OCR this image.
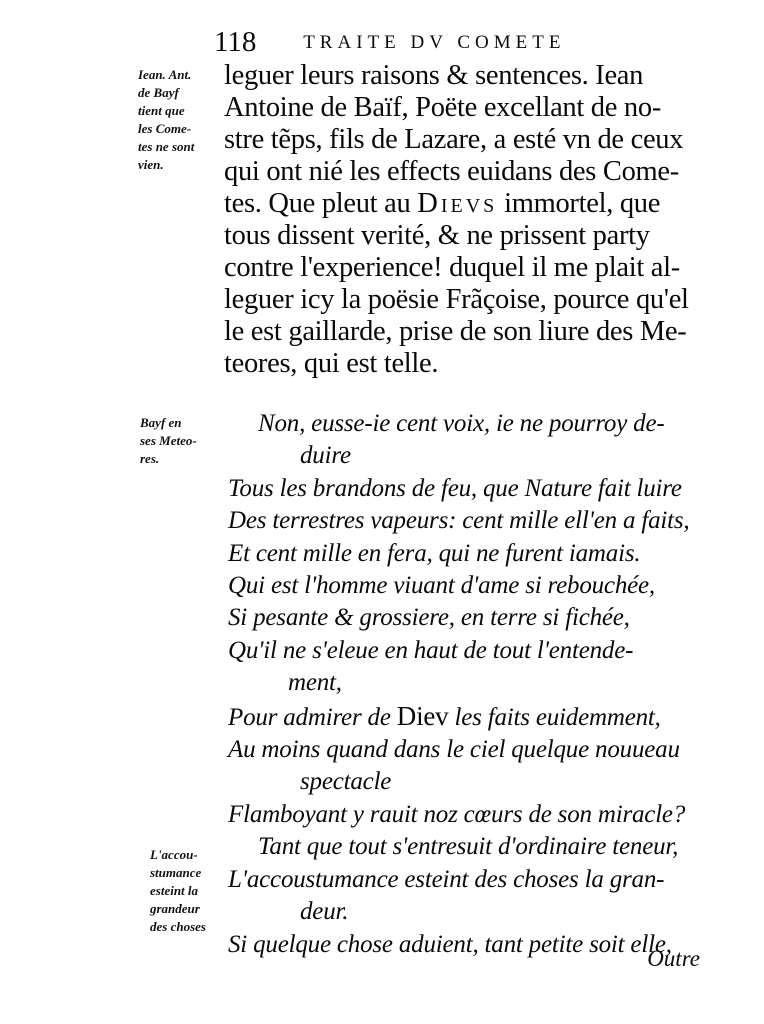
118 TRAITE DV COMETE
Iean. Ant.
de Bayf
tient que
les Come-
tes ne sont
vien.
Bayf en
ses Meteo-
res.
L'accou-
stumance
esteint la
grandeur
des choses
leguer leurs raisons & sentences. Iean
Antoine de Baïf, Poëte excellant de no-
stre tẽps, fils de Lazare, a esté vn de ceux
qui ont nié les effects euidans des Come-
tes. Que pleut au Dievs immortel, que
tous dissent verité, & ne prissent party
contre l'experience! duquel il me plait al-
leguer icy la poësie Frãçoise, pource qu'el
le est gaillarde, prise de son liure des Me-
teores, qui est telle.
Non, eusse-ie cent voix, ie ne pourroy de-
duire
Tous les brandons de feu, que Nature fait luire
Des terrestres vapeurs: cent mille ell'en a faits,
Et cent mille en fera, qui ne furent iamais.
Qui est l'homme viuant d'ame si rebouchée,
Si pesante & grossiere, en terre si fichée,
Qu'il ne s'eleue en haut de tout l'entende-
ment,
Pour admirer de Diev les faits euidemment,
Au moins quand dans le ciel quelque nouueau
spectacle
Flamboyant y rauit noz cœurs de son miracle?
Tant que tout s'entresuit d'ordinaire teneur,
L'accoustumance esteint des choses la gran-
deur.
Si quelque chose aduient, tant petite soit elle,
Outre
